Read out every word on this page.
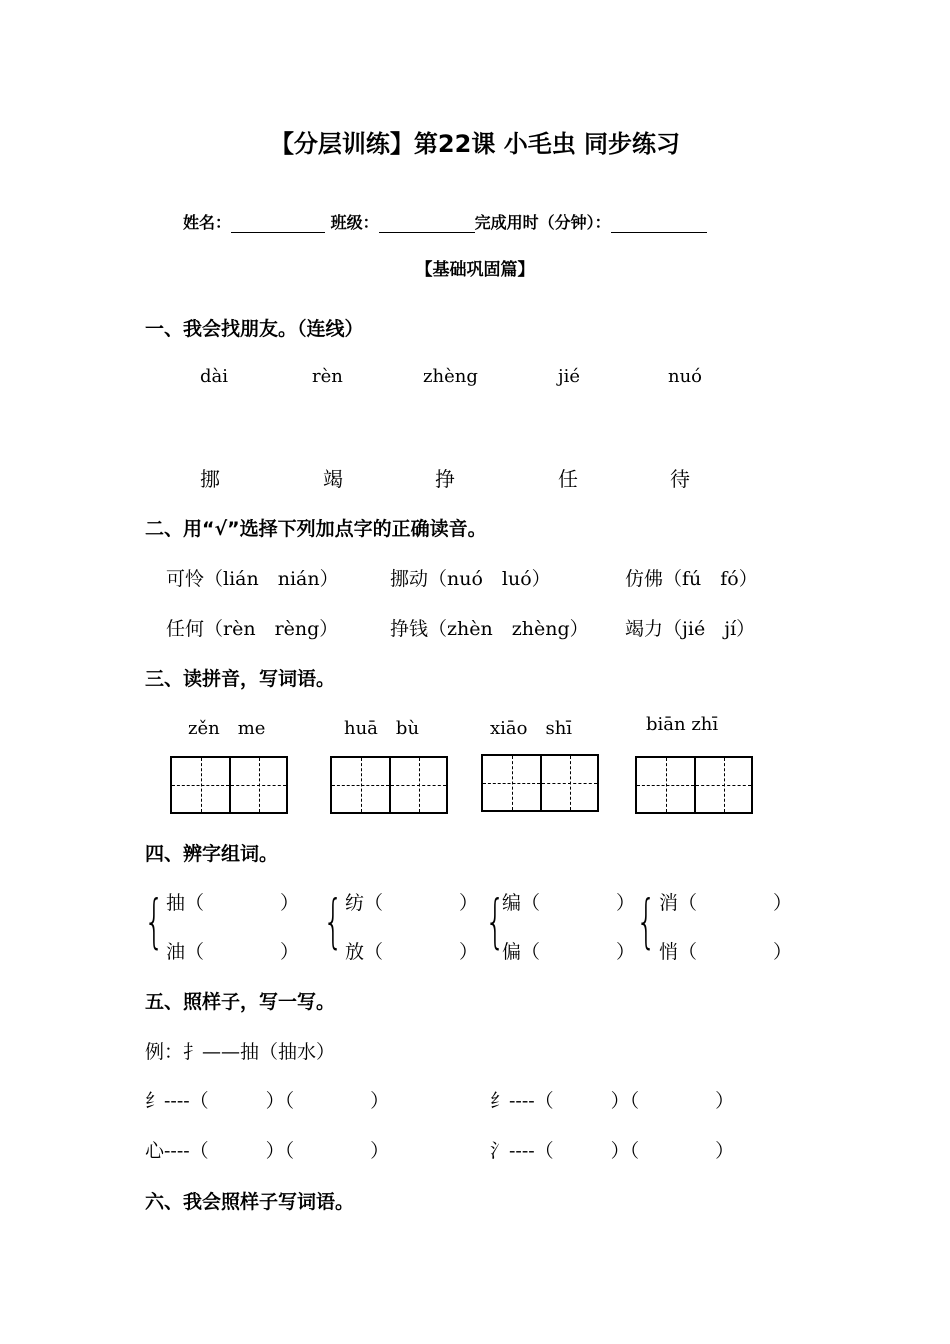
【分层训练】第22课 小毛虫 同步练习
姓名：	班级：	完成用时（分钟）：
【基础巩固篇】
一、我会找朋友。（连线）
dài	rèn	zhèng	jié	nuó
挪	竭	挣	任	待
二、用“√”选择下列加点字的正确读音。
可怜（lián　nián）	挪动（nuó　luó）	仿佛（fú　fó）
任何（rèn　rèng）	挣钱（zhèn　zhèng） 竭力（jié　jí）
三、读拼音，写词语。
zěn　me	huā　bù	xiāo　shī	biān zhī
四、辨字组词。
{	{ { {
抽（　　　　） 纺（　　　　） 编（　　　　） 消（　　　　）
油（　　　　） 放（　　　　） 偏（　　　　） 悄（　　　　）
五、照样子，写一写。
例：扌——抽（抽水）
纟----（　　　）（　　　　）	纟----（　　　）（　　　　）
心----（　　　）（　　　　）	氵----（　　　）（　　　　）
六、我会照样子写词语。
